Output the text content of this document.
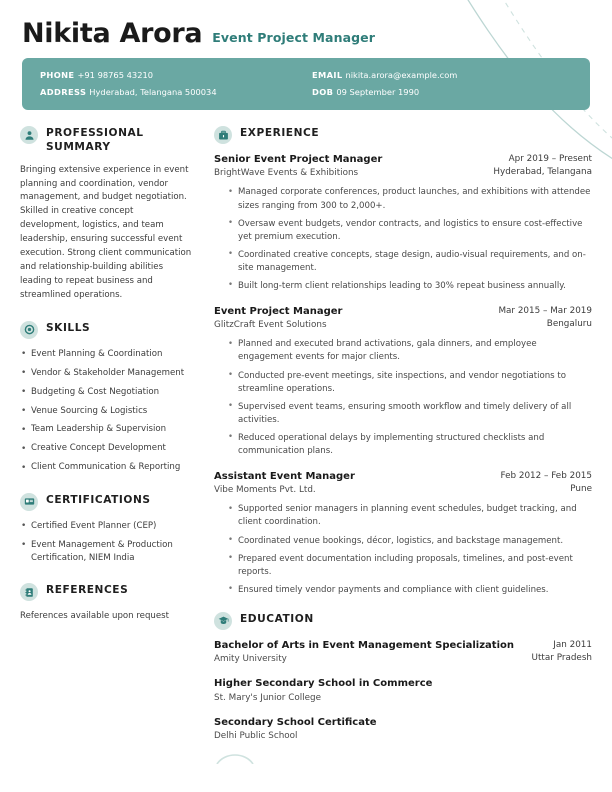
Nikita Arora Event Project Manager
PHONE +91 98765 43210
ADDRESS Hyderabad, Telangana 500034
EMAIL nikita.arora@example.com
DOB 09 September 1990
PROFESSIONAL SUMMARY
Bringing extensive experience in event planning and coordination, vendor management, and budget negotiation. Skilled in creative concept development, logistics, and team leadership, ensuring successful event execution. Strong client communication and relationship-building abilities leading to repeat business and streamlined operations.
SKILLS
• Event Planning & Coordination
• Vendor & Stakeholder Management
• Budgeting & Cost Negotiation
• Venue Sourcing & Logistics
• Team Leadership & Supervision
• Creative Concept Development
• Client Communication & Reporting
CERTIFICATIONS
• Certified Event Planner (CEP)
• Event Management & Production Certification, NIEM India
REFERENCES
References available upon request
EXPERIENCE
Senior Event Project Manager
BrightWave Events & Exhibitions
Apr 2019 – Present
Hyderabad, Telangana
• Managed corporate conferences, product launches, and exhibitions with attendee sizes ranging from 300 to 2,000+.
• Oversaw event budgets, vendor contracts, and logistics to ensure cost-effective yet premium execution.
• Coordinated creative concepts, stage design, audio-visual requirements, and on-site management.
• Built long-term client relationships leading to 30% repeat business annually.
Event Project Manager
GlitzCraft Event Solutions
Mar 2015 – Mar 2019
Bengaluru
• Planned and executed brand activations, gala dinners, and employee engagement events for major clients.
• Conducted pre-event meetings, site inspections, and vendor negotiations to streamline operations.
• Supervised event teams, ensuring smooth workflow and timely delivery of all activities.
• Reduced operational delays by implementing structured checklists and communication plans.
Assistant Event Manager
Vibe Moments Pvt. Ltd.
Feb 2012 – Feb 2015
Pune
• Supported senior managers in planning event schedules, budget tracking, and client coordination.
• Coordinated venue bookings, décor, logistics, and backstage management.
• Prepared event documentation including proposals, timelines, and post-event reports.
• Ensured timely vendor payments and compliance with client guidelines.
EDUCATION
Bachelor of Arts in Event Management Specialization
Amity University
Jan 2011
Uttar Pradesh
Higher Secondary School in Commerce
St. Mary's Junior College
Secondary School Certificate
Delhi Public School
